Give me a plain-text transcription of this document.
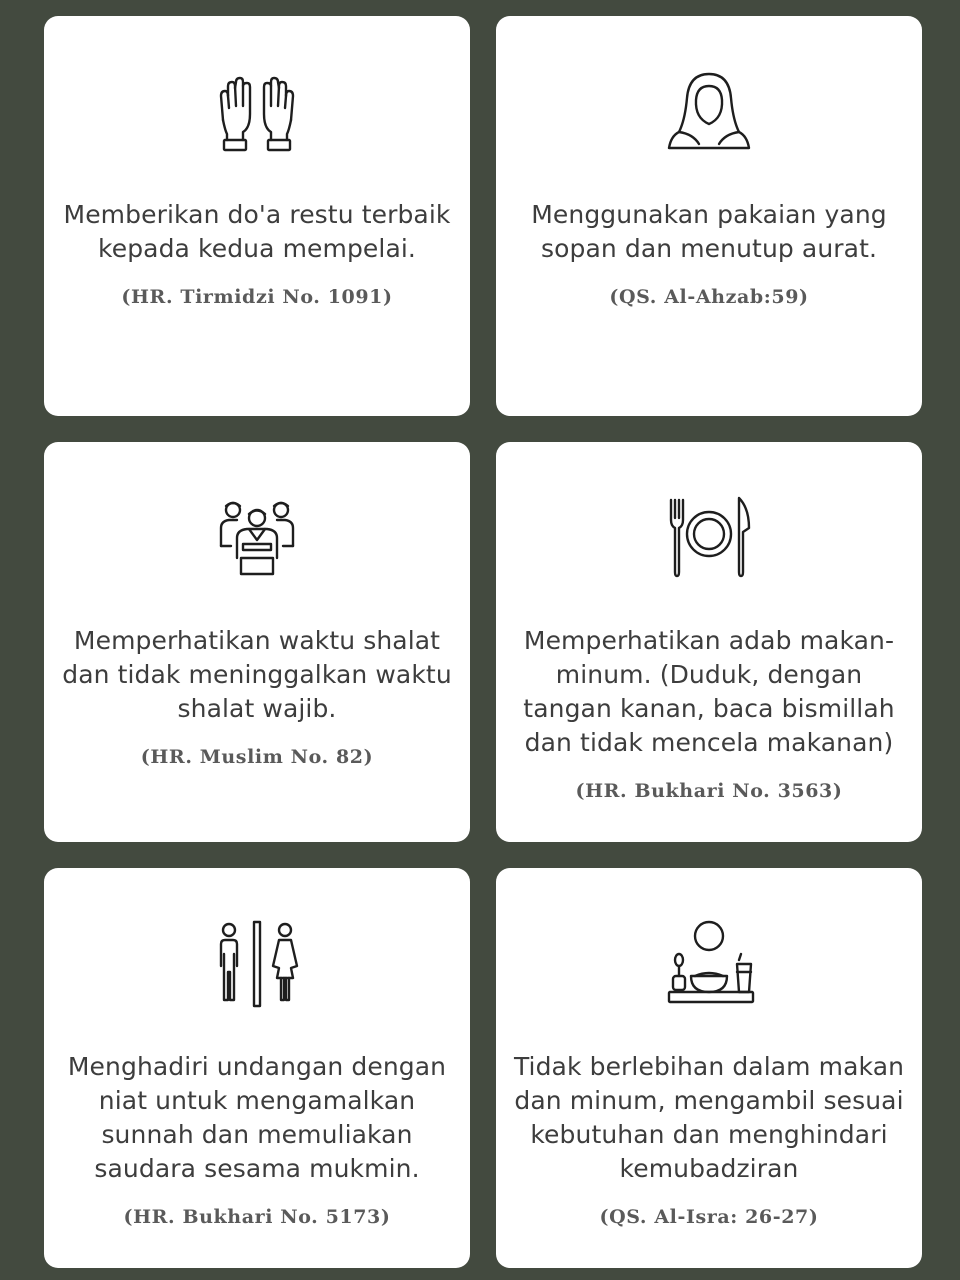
Memberikan do'a restu terbaik kepada kedua mempelai.
(HR. Tirmidzi No. 1091)
Menggunakan pakaian yang sopan dan menutup aurat.
(QS. Al-Ahzab:59)
Memperhatikan waktu shalat dan tidak meninggalkan waktu shalat wajib.
(HR. Muslim No. 82)
Memperhatikan adab makan-minum. (Duduk, dengan tangan kanan, baca bismillah dan tidak mencela makanan)
(HR. Bukhari No. 3563)
Menghadiri undangan dengan niat untuk mengamalkan sunnah dan memuliakan saudara sesama mukmin.
(HR. Bukhari No. 5173)
Tidak berlebihan dalam makan dan minum, mengambil sesuai kebutuhan dan menghindari kemubadziran
(QS. Al-Isra: 26-27)
